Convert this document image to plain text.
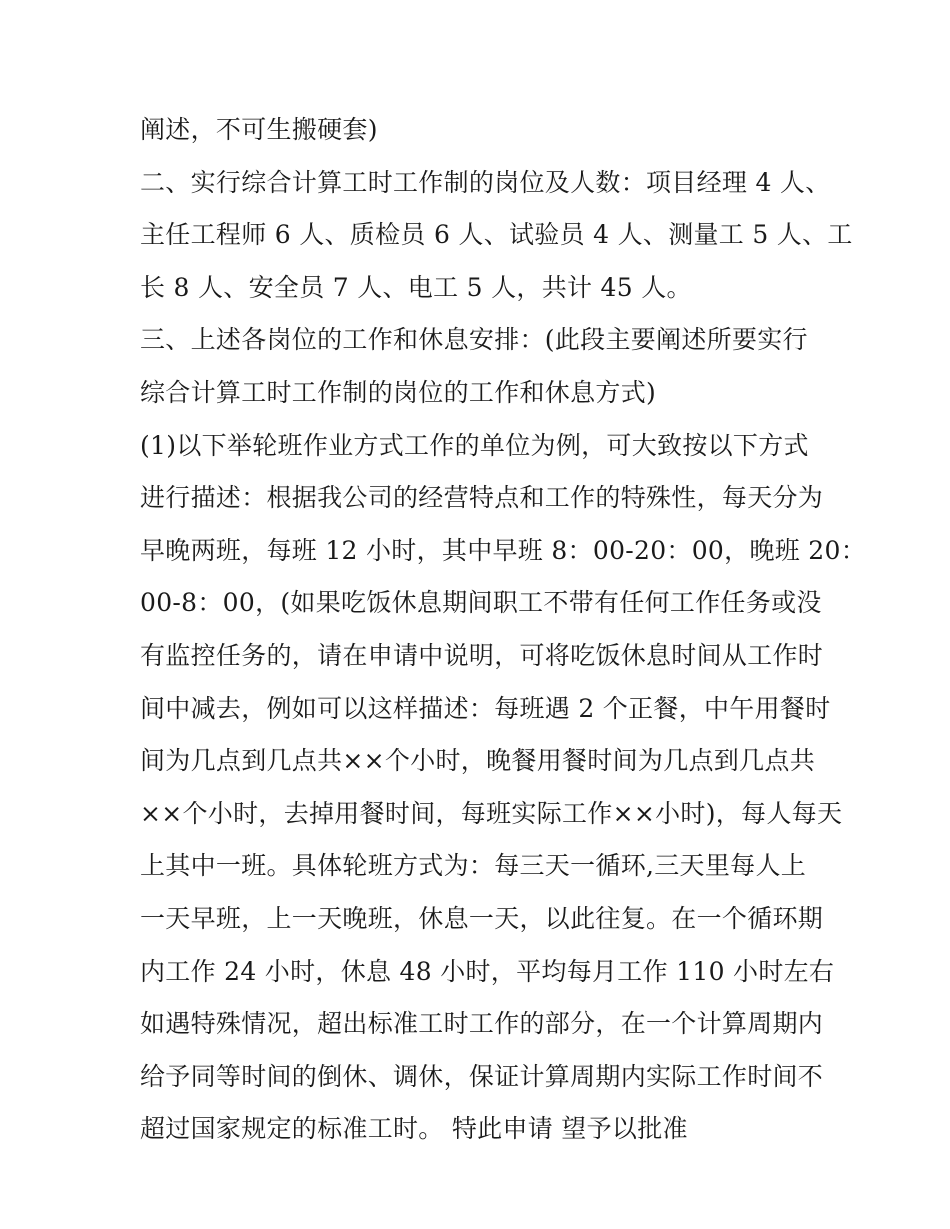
阐述，不可生搬硬套)
二、实行综合计算工时工作制的岗位及人数：项目经理 4 人、
主任工程师 6 人、质检员 6 人、试验员 4 人、测量工 5 人、工
长 8 人、安全员 7 人、电工 5 人，共计 45 人。
三、上述各岗位的工作和休息安排：(此段主要阐述所要实行
综合计算工时工作制的岗位的工作和休息方式)
(1)以下举轮班作业方式工作的单位为例，可大致按以下方式
进行描述：根据我公司的经营特点和工作的特殊性，每天分为
早晚两班，每班 12 小时，其中早班 8：00-20：00，晚班 20：
00-8：00，(如果吃饭休息期间职工不带有任何工作任务或没
有监控任务的，请在申请中说明，可将吃饭休息时间从工作时
间中减去，例如可以这样描述：每班遇 2 个正餐，中午用餐时
间为几点到几点共××个小时，晚餐用餐时间为几点到几点共
××个小时，去掉用餐时间，每班实际工作××小时)，每人每天
上其中一班。具体轮班方式为：每三天一循环,三天里每人上
一天早班，上一天晚班，休息一天，以此往复。在一个循环期
内工作 24 小时，休息 48 小时，平均每月工作 110 小时左右
如遇特殊情况，超出标准工时工作的部分，在一个计算周期内
给予同等时间的倒休、调休，保证计算周期内实际工作时间不
超过国家规定的标准工时。 特此申请 望予以批准
